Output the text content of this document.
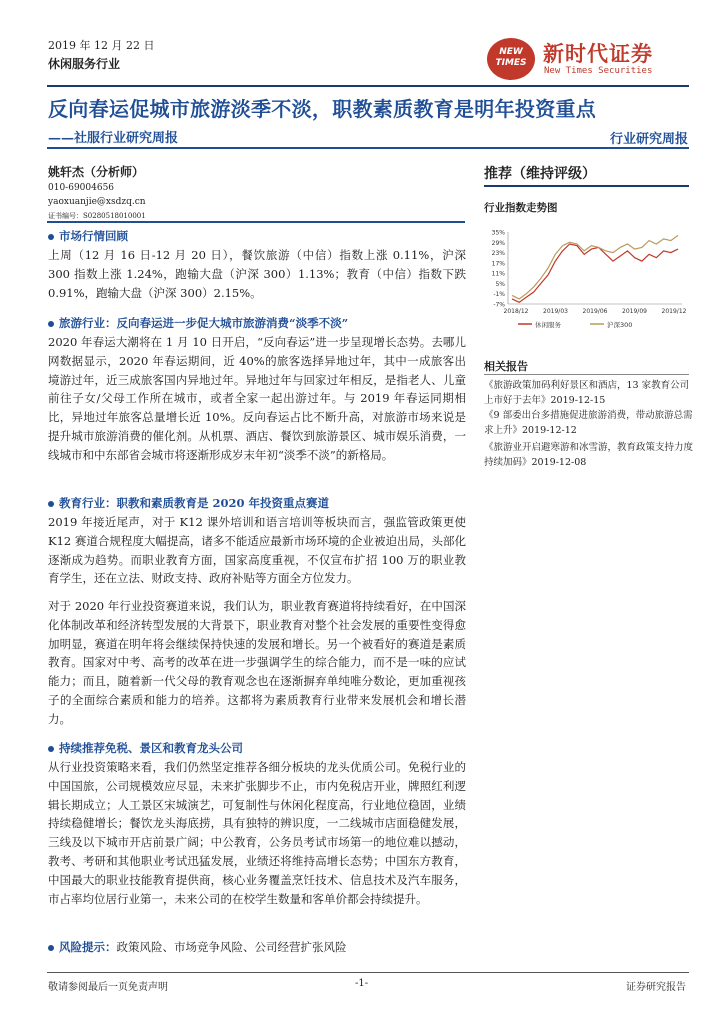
2019 年 12 月 22 日
休闲服务行业
NEW TIMES 新时代证券
New Times Securities
反向春运促城市旅游淡季不淡，职教素质教育是明年投资重点
——社服行业研究周报	行业研究周报
姚轩杰（分析师）
010-69004656
yaoxuanjie@xsdzq.cn
证书编号：S0280518010001
市场行情回顾
上周（12 月 16 日-12 月 20 日），餐饮旅游（中信）指数上涨 0.11%，沪深 300 指数上涨 1.24%，跑输大盘（沪深 300）1.13%；教育（中信）指数下跌 0.91%，跑输大盘（沪深 300）2.15%。
旅游行业：反向春运进一步促大城市旅游消费“淡季不淡”
2020 年春运大潮将在 1 月 10 日开启，“反向春运”进一步呈现增长态势。去哪儿网数据显示，2020 年春运期间，近 40%的旅客选择异地过年，其中一成旅客出境游过年，近三成旅客国内异地过年。异地过年与回家过年相反，是指老人、儿童前往子女/父母工作所在城市，或者全家一起出游过年。与 2019 年春运同期相比，异地过年旅客总量增长近 10%。反向春运占比不断升高，对旅游市场来说是提升城市旅游消费的催化剂。从机票、酒店、餐饮到旅游景区、城市娱乐消费，一线城市和中东部省会城市将逐渐形成岁末年初“淡季不淡”的新格局。
教育行业：职教和素质教育是 2020 年投资重点赛道
2019 年接近尾声，对于 K12 课外培训和语言培训等板块而言，强监管政策更使 K12 赛道合规程度大幅提高，诸多不能适应最新市场环境的企业被迫出局，头部化逐渐成为趋势。而职业教育方面，国家高度重视，不仅宣布扩招 100 万的职业教育学生，还在立法、财政支持、政府补贴等方面全方位发力。
对于 2020 年行业投资赛道来说，我们认为，职业教育赛道将持续看好，在中国深化体制改革和经济转型发展的大背景下，职业教育对整个社会发展的重要性变得愈加明显，赛道在明年将会继续保持快速的发展和增长。另一个被看好的赛道是素质教育。国家对中考、高考的改革在进一步强调学生的综合能力，而不是一味的应试能力；而且，随着新一代父母的教育观念也在逐渐摒弃单纯唯分数论，更加重视孩子的全面综合素质和能力的培养。这都将为素质教育行业带来发展机会和增长潜力。
持续推荐免税、景区和教育龙头公司
从行业投资策略来看，我们仍然坚定推荐各细分板块的龙头优质公司。免税行业的中国国旅，公司规模效应尽显，未来扩张脚步不止，市内免税店开业，牌照红利逻辑长期成立；人工景区宋城演艺，可复制性与休闲化程度高，行业地位稳固，业绩持续稳健增长；餐饮龙头海底捞，具有独特的辨识度，一二线城市店面稳健发展，三线及以下城市开店前景广阔；中公教育，公务员考试市场第一的地位难以撼动，教考、考研和其他职业考试迅猛发展，业绩还将维持高增长态势；中国东方教育，中国最大的职业技能教育提供商，核心业务覆盖烹饪技术、信息技术及汽车服务，市占率均位居行业第一，未来公司的在校学生数量和客单价都会持续提升。
风险提示：政策风险、市场竞争风险、公司经营扩张风险
推荐（维持评级）
行业指数走势图
35%
29%
23%
17%
11%
5%
-1%
-7%
2018/12 2019/03 2019/06 2019/09 2019/12
休闲服务	沪深300
相关报告
《旅游政策加码利好景区和酒店，13 家教育公司上市好于去年》2019-12-15
《9 部委出台多措施促进旅游消费，带动旅游总需求上升》2019-12-12
《旅游业开启避寒游和冰雪游，教育政策支持力度持续加码》2019-12-08
敬请参阅最后一页免责声明	-1-	证券研究报告
